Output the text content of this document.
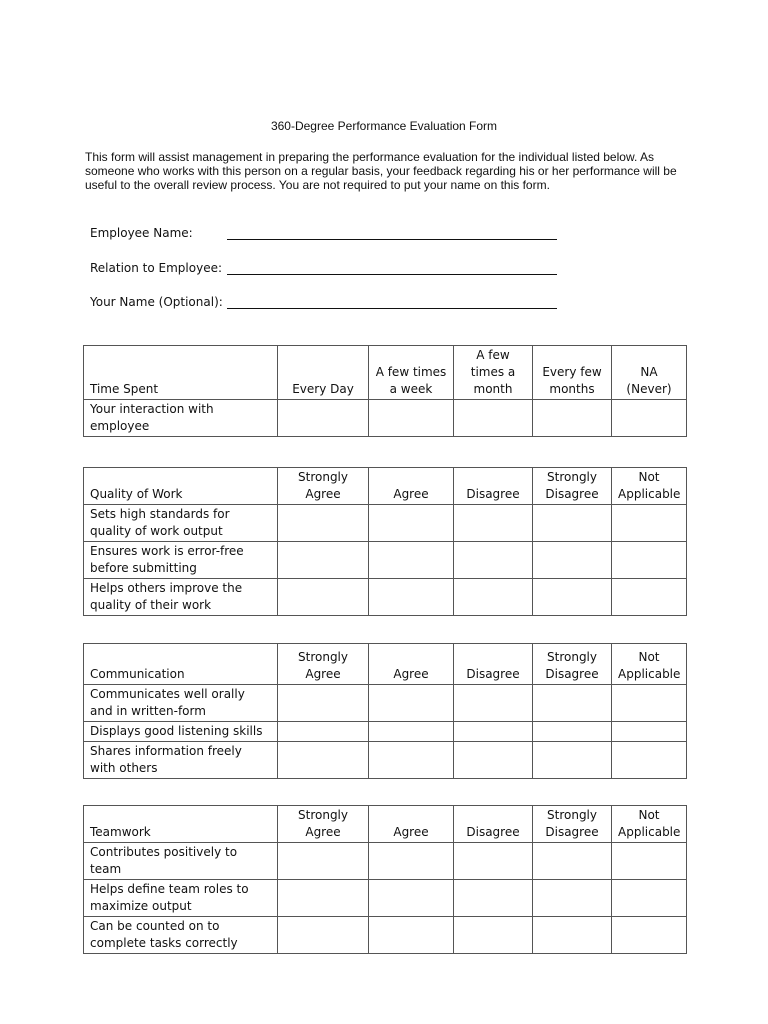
360-Degree Performance Evaluation Form

This form will assist management in preparing the performance evaluation for the individual listed below. As someone who works with this person on a regular basis, your feedback regarding his or her performance will be useful to the overall review process. You are not required to put your name on this form.

Employee Name:
Relation to Employee:
Your Name (Optional):
Time Spent	Every Day	A few times a week	A few times a month	Every few months	NA (Never)
Your interaction with employee					
Quality of Work	Strongly Agree	Agree	Disagree	Strongly Disagree	Not Applicable
Sets high standards for quality of work output					
Ensures work is error-free before submitting					
Helps others improve the quality of their work					
Communication	Strongly Agree	Agree	Disagree	Strongly Disagree	Not Applicable
Communicates well orally and in written-form					
Displays good listening skills					
Shares information freely with others					
Teamwork	Strongly Agree	Agree	Disagree	Strongly Disagree	Not Applicable
Contributes positively to team					
Helps define team roles to maximize output					
Can be counted on to complete tasks correctly					
